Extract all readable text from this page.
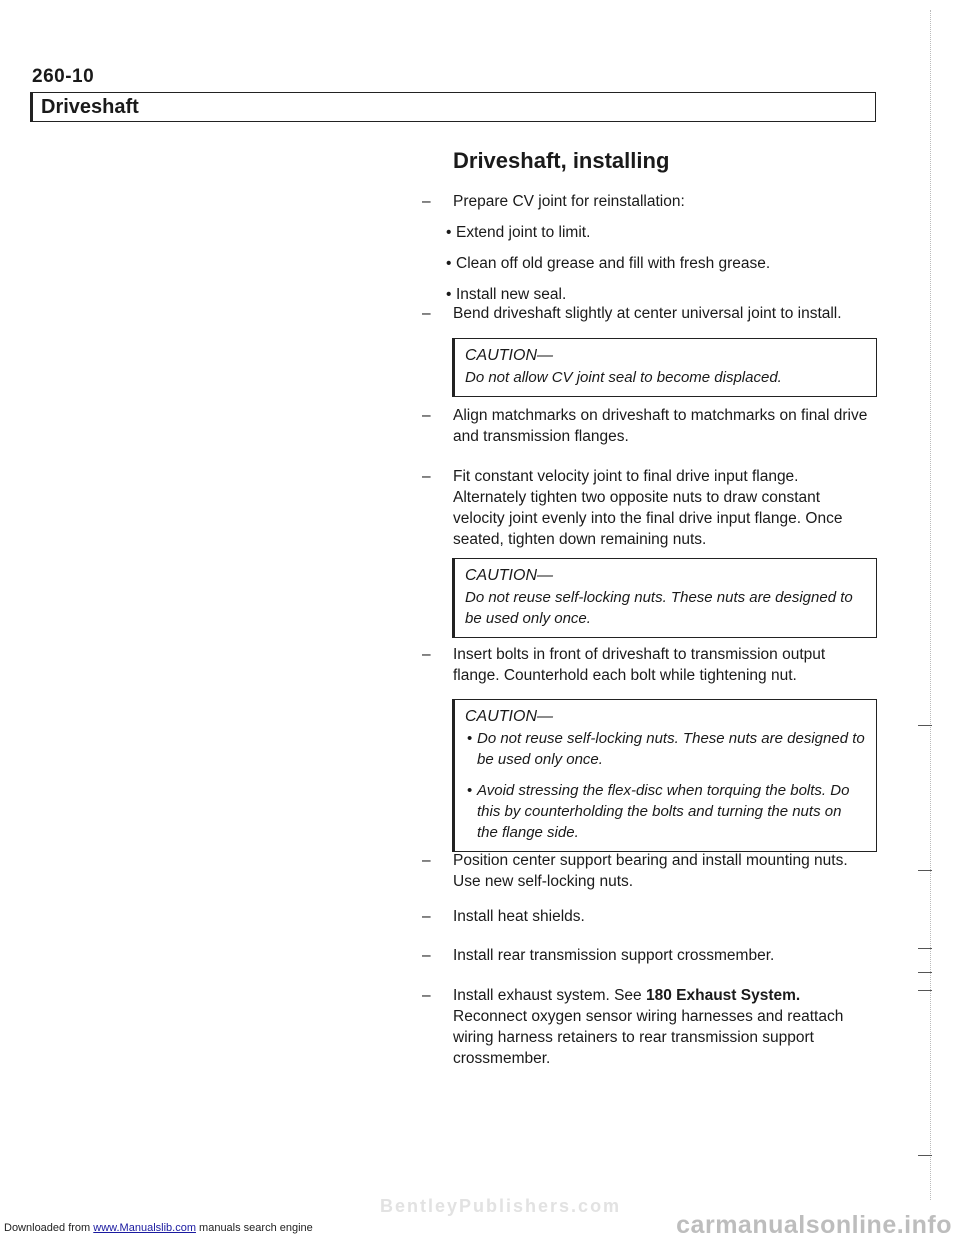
260-10
Driveshaft
Driveshaft, installing
– Prepare CV joint for reinstallation:
• Extend joint to limit.
• Clean off old grease and fill with fresh grease.
• Install new seal.
– Bend driveshaft slightly at center universal joint to install.
CAUTION—
Do not allow CV joint seal to become displaced.
– Align matchmarks on driveshaft to matchmarks on final drive and transmission flanges.
– Fit constant velocity joint to final drive input flange. Alternately tighten two opposite nuts to draw constant velocity joint evenly into the final drive input flange. Once seated, tighten down remaining nuts.
CAUTION—
Do not reuse self-locking nuts. These nuts are designed to be used only once.
– Insert bolts in front of driveshaft to transmission output flange. Counterhold each bolt while tightening nut.
CAUTION—
• Do not reuse self-locking nuts. These nuts are designed to be used only once.
• Avoid stressing the flex-disc when torquing the bolts. Do this by counterholding the bolts and turning the nuts on the flange side.
– Position center support bearing and install mounting nuts. Use new self-locking nuts.
– Install heat shields.
– Install rear transmission support crossmember.
– Install exhaust system. See 180 Exhaust System. Reconnect oxygen sensor wiring harnesses and reattach wiring harness retainers to rear transmission support crossmember.
BentleyPublishers.com
Downloaded from www.Manualslib.com manuals search engine	carmanualsonline.info
